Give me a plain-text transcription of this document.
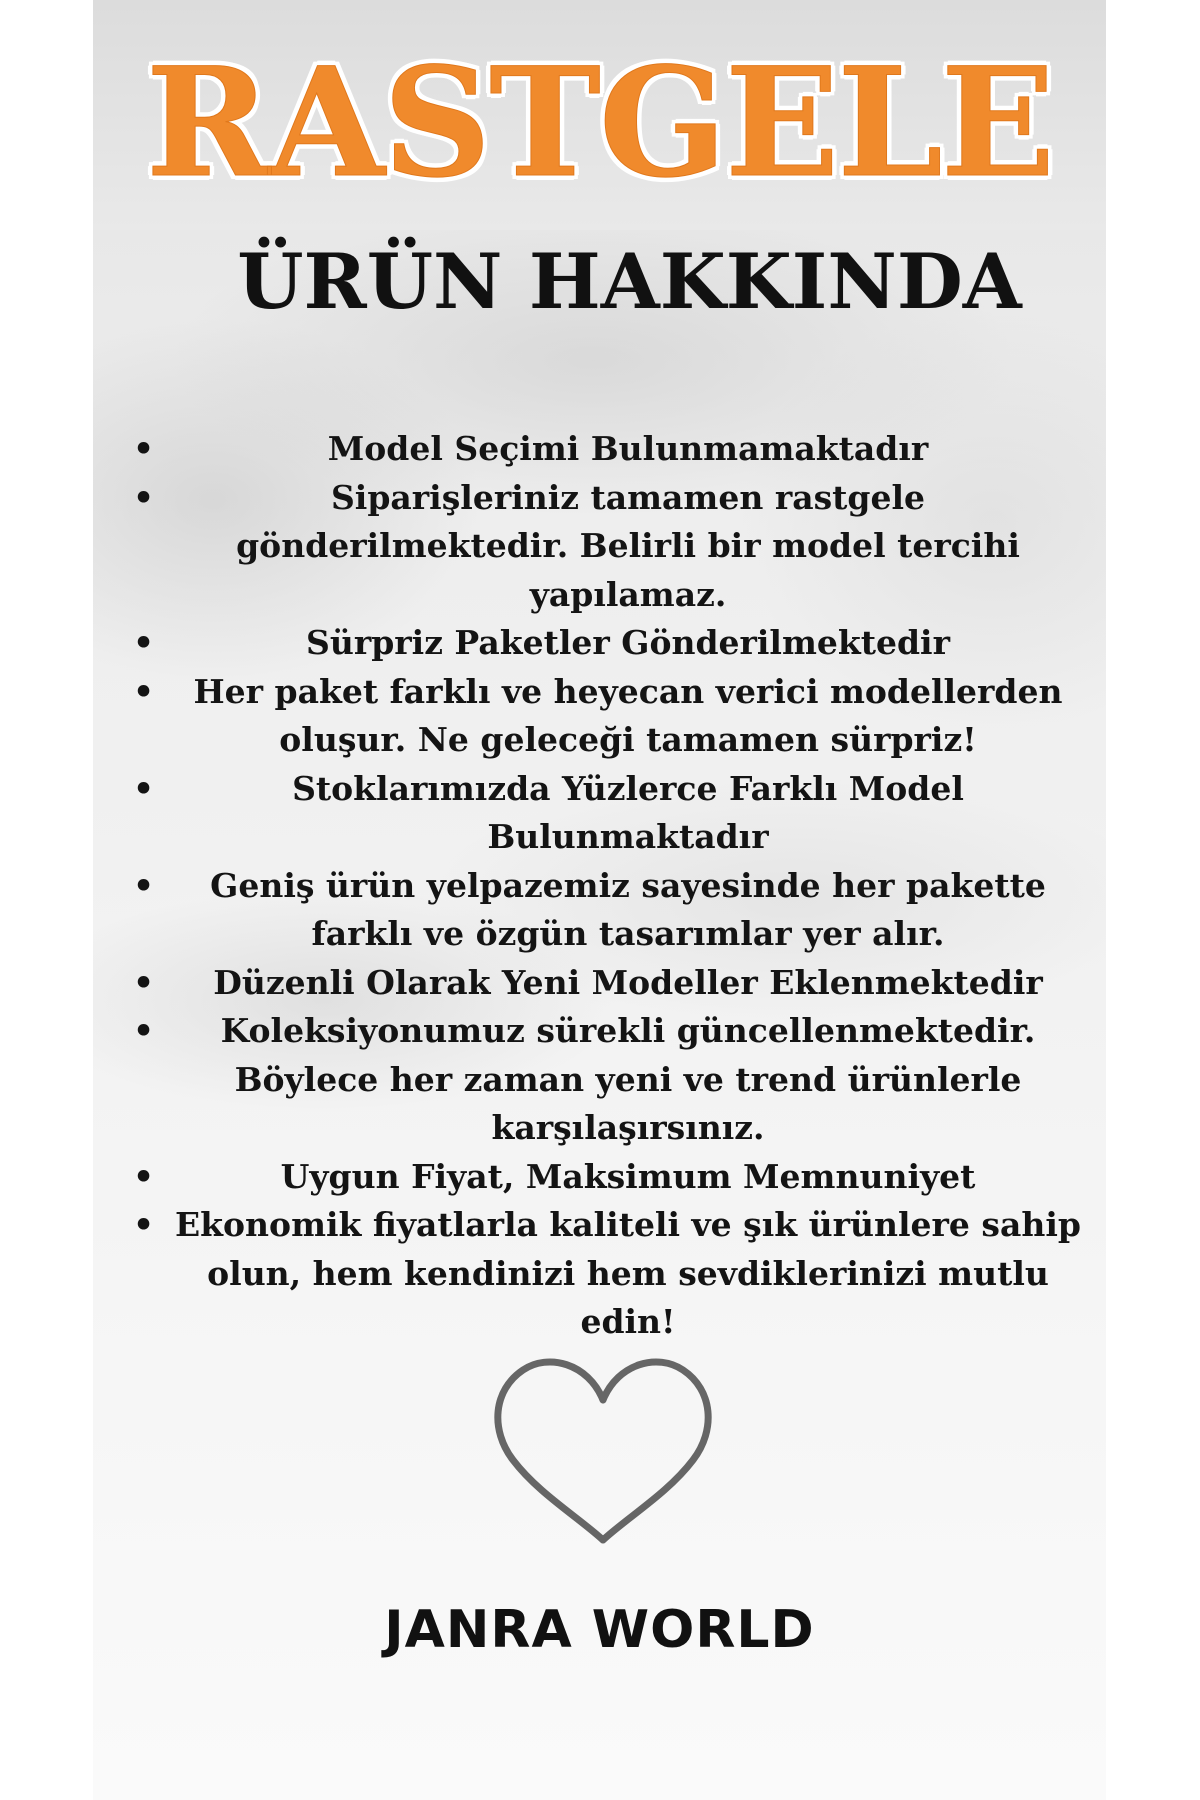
RASTGELE
ÜRÜN HAKKINDA
•	Model Seçimi Bulunmamaktadır
•	Siparişleriniz tamamen rastgele gönderilmektedir. Belirli bir model tercihi yapılamaz.
•	Sürpriz Paketler Gönderilmektedir
• Her paket farklı ve heyecan verici modellerden oluşur. Ne geleceği tamamen sürpriz!
•	Stoklarımızda Yüzlerce Farklı Model Bulunmaktadır
• Geniş ürün yelpazemiz sayesinde her pakette farklı ve özgün tasarımlar yer alır.
• Düzenli Olarak Yeni Modeller Eklenmektedir
• Koleksiyonumuz sürekli güncellenmektedir. Böylece her zaman yeni ve trend ürünlerle karşılaşırsınız.
•	Uygun Fiyat, Maksimum Memnuniyet
• Ekonomik fiyatlarla kaliteli ve şık ürünlere sahip olun, hem kendinizi hem sevdiklerinizi mutlu edin!
JANRA WORLD
